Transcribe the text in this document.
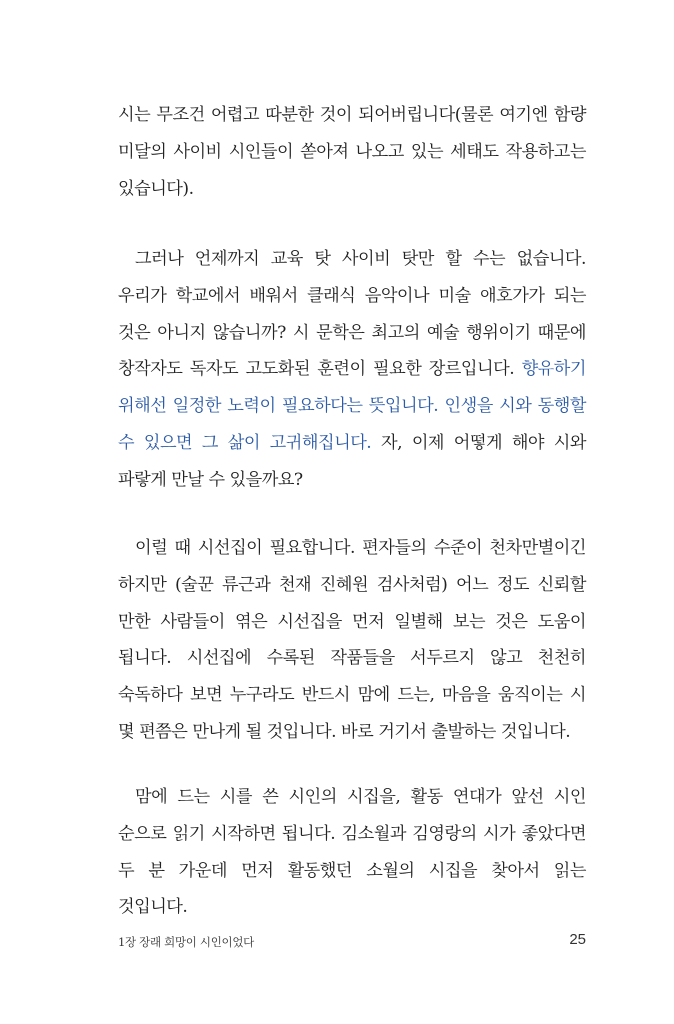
시는 무조건 어렵고 따분한 것이 되어버립니다(물론 여기엔 함량 미달의 사이비 시인들이 쏟아져 나오고 있는 세태도 작용하고는 있습니다).

그러나 언제까지 교육 탓 사이비 탓만 할 수는 없습니다. 우리가 학교에서 배워서 클래식 음악이나 미술 애호가가 되는 것은 아니지 않습니까? 시 문학은 최고의 예술 행위이기 때문에 창작자도 독자도 고도화된 훈련이 필요한 장르입니다. 향유하기 위해선 일정한 노력이 필요하다는 뜻입니다. 인생을 시와 동행할 수 있으면 그 삶이 고귀해집니다. 자, 이제 어떻게 해야 시와 파랗게 만날 수 있을까요?

이럴 때 시선집이 필요합니다. 편자들의 수준이 천차만별이긴 하지만 (술꾼 류근과 천재 진혜원 검사처럼) 어느 정도 신뢰할 만한 사람들이 엮은 시선집을 먼저 일별해 보는 것은 도움이 됩니다. 시선집에 수록된 작품들을 서두르지 않고 천천히 숙독하다 보면 누구라도 반드시 맘에 드는, 마음을 움직이는 시 몇 편쯤은 만나게 될 것입니다. 바로 거기서 출발하는 것입니다.

맘에 드는 시를 쓴 시인의 시집을, 활동 연대가 앞선 시인 순으로 읽기 시작하면 됩니다. 김소월과 김영랑의 시가 좋았다면 두 분 가운데 먼저 활동했던 소월의 시집을 찾아서 읽는 것입니다.

1장 장래 희망이 시인이었다	25
